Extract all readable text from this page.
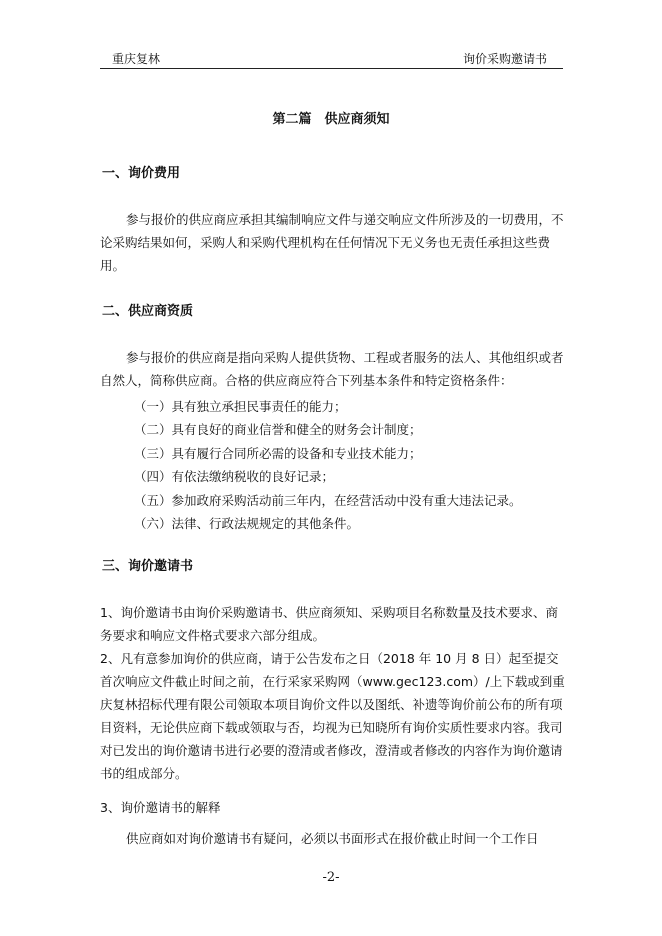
重庆复林	询价采购邀请书
第二篇　供应商须知
一、询价费用
参与报价的供应商应承担其编制响应文件与递交响应文件所涉及的一切费用，不论采购结果如何，采购人和采购代理机构在任何情况下无义务也无责任承担这些费用。
二、供应商资质
参与报价的供应商是指向采购人提供货物、工程或者服务的法人、其他组织或者自然人，简称供应商。合格的供应商应符合下列基本条件和特定资格条件：
（一）具有独立承担民事责任的能力；
（二）具有良好的商业信誉和健全的财务会计制度；
（三）具有履行合同所必需的设备和专业技术能力；
（四）有依法缴纳税收的良好记录；
（五）参加政府采购活动前三年内，在经营活动中没有重大违法记录。
（六）法律、行政法规规定的其他条件。
三、询价邀请书
1、询价邀请书由询价采购邀请书、供应商须知、采购项目名称数量及技术要求、商务要求和响应文件格式要求六部分组成。
2、凡有意参加询价的供应商，请于公告发布之日（2018 年 10 月 8 日）起至提交首次响应文件截止时间之前，在行采家采购网（www.gec123.com）/上下载或到重庆复林招标代理有限公司领取本项目询价文件以及图纸、补遗等询价前公布的所有项目资料，无论供应商下载或领取与否，均视为已知晓所有询价实质性要求内容。我司对已发出的询价邀请书进行必要的澄清或者修改，澄清或者修改的内容作为询价邀请书的组成部分。
3、询价邀请书的解释
供应商如对询价邀请书有疑问，必须以书面形式在报价截止时间一个工作日
-2-
